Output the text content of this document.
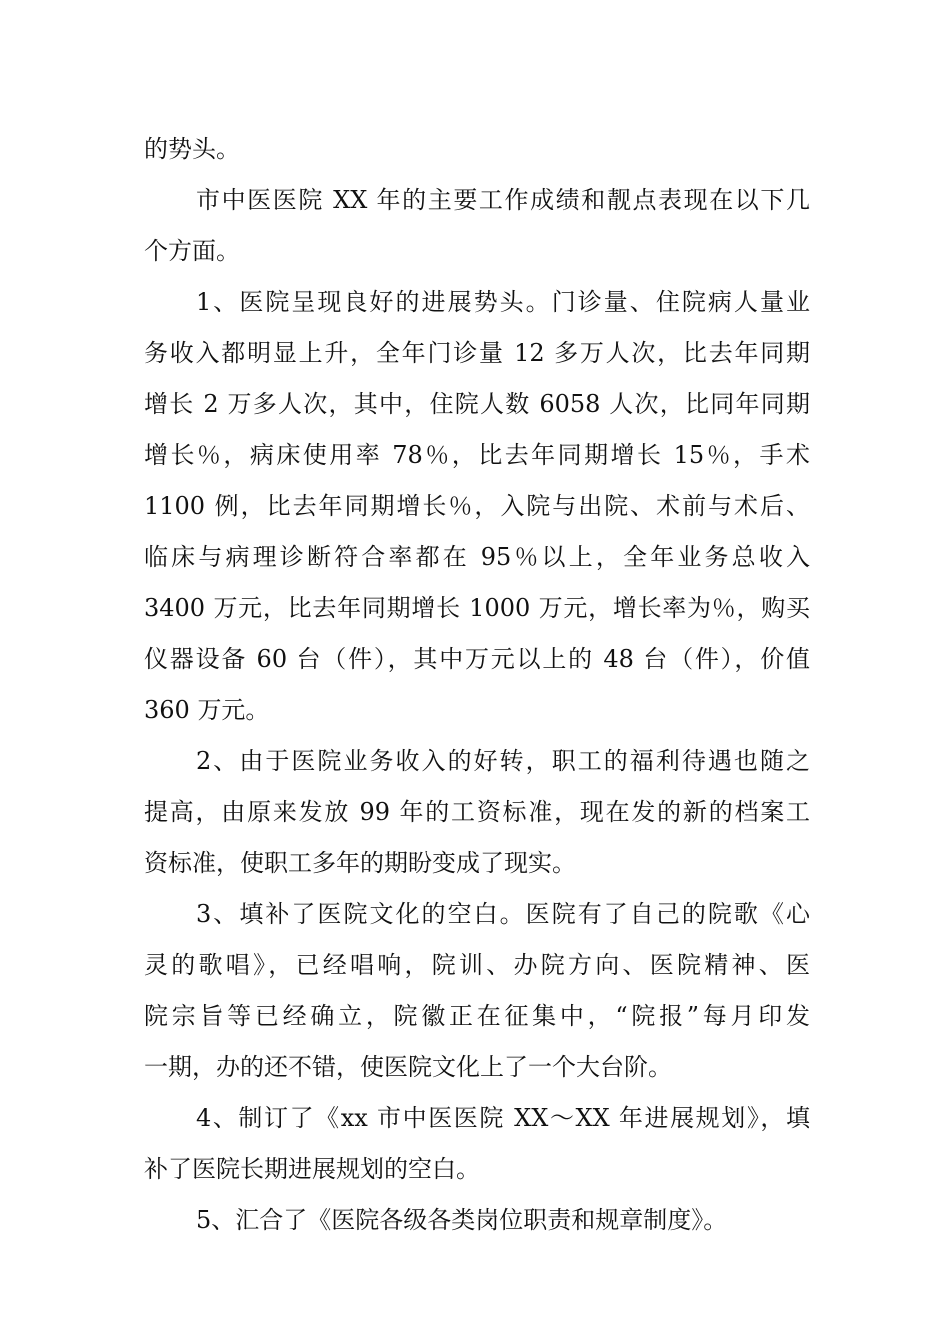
的势头。
市中医医院 XX 年的主要工作成绩和靓点表现在以下几
个方面。
1、医院呈现良好的进展势头。门诊量、住院病人量业
务收入都明显上升，全年门诊量 12 多万人次，比去年同期
增长 2 万多人次，其中，住院人数 6058 人次，比同年同期
增长％，病床使用率 78％，比去年同期增长 15％，手术
1100 例，比去年同期增长％，入院与出院、术前与术后、
临床与病理诊断符合率都在 95％以上，全年业务总收入
3400 万元，比去年同期增长 1000 万元，增长率为％，购买
仪器设备 60 台（件），其中万元以上的 48 台（件），价值
360 万元。
2、由于医院业务收入的好转，职工的福利待遇也随之
提高，由原来发放 99 年的工资标准，现在发的新的档案工
资标准，使职工多年的期盼变成了现实。
3、填补了医院文化的空白。医院有了自己的院歌《心
灵的歌唱》，已经唱响，院训、办院方向、医院精神、医
院宗旨等已经确立，院徽正在征集中，“院报”每月印发
一期，办的还不错，使医院文化上了一个大台阶。
4、制订了《xx 市中医医院 XX～XX 年进展规划》，填
补了医院长期进展规划的空白。
5、汇合了《医院各级各类岗位职责和规章制度》。
